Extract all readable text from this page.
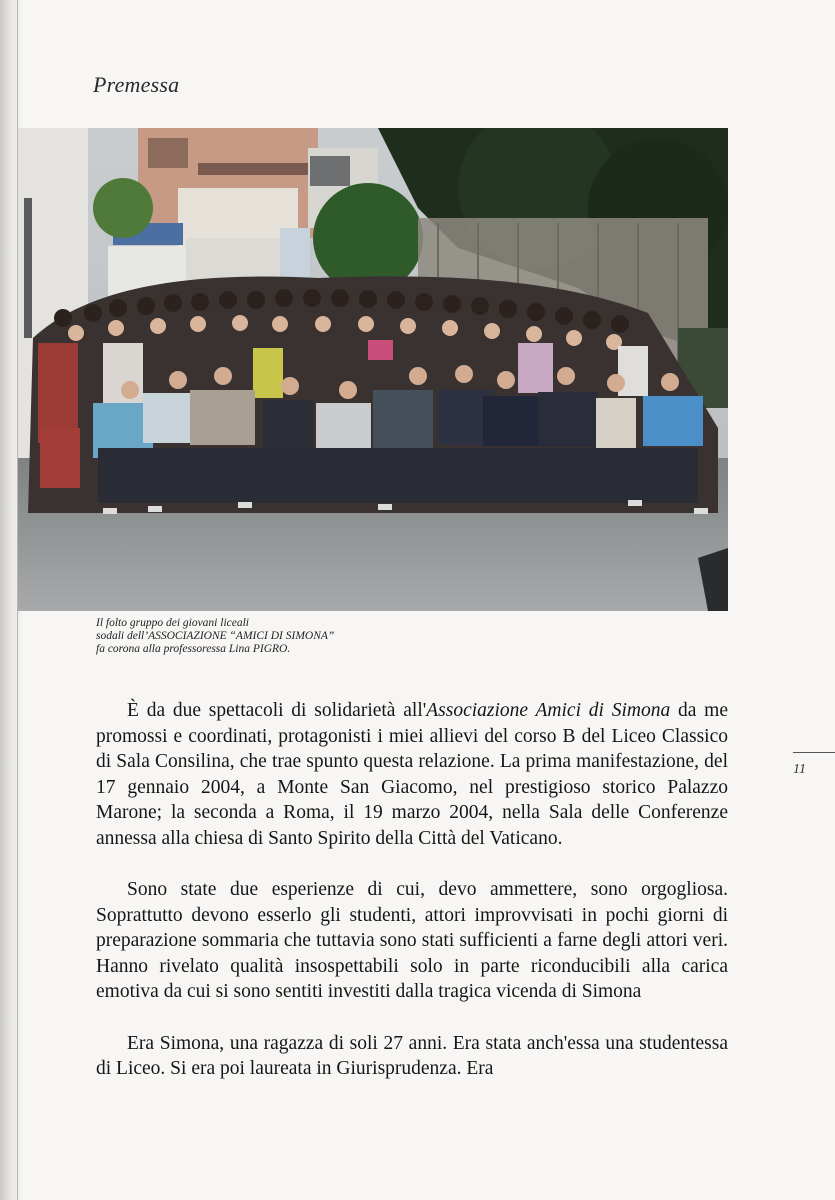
Premessa
Il folto gruppo dei giovani liceali
sodali dell’ASSOCIAZIONE “AMICI DI SIMONA”
fa corona alla professoressa Lina PIGRO.
11

È da due spettacoli di solidarietà all'Associazione Amici di Simona da me promossi e coordinati, protagonisti i miei allievi del corso B del Liceo Classico di Sala Consilina, che trae spunto questa relazione. La prima manifestazione, del 17 gennaio 2004, a Monte San Giacomo, nel prestigioso storico Palazzo Marone; la seconda a Roma, il 19 marzo 2004, nella Sala delle Conferenze annessa alla chiesa di Santo Spirito della Città del Vaticano.

Sono state due esperienze di cui, devo ammettere, sono orgogliosa. Soprattutto devono esserlo gli studenti, attori improvvisati in pochi giorni di preparazione sommaria che tuttavia sono stati sufficienti a farne degli attori veri. Hanno rivelato qualità insospettabili solo in parte riconducibili alla carica emotiva da cui si sono sentiti investiti dalla tragica vicenda di Simona

Era Simona, una ragazza di soli 27 anni. Era stata anch'essa una studentessa di Liceo. Si era poi laureata in Giurisprudenza. Era
